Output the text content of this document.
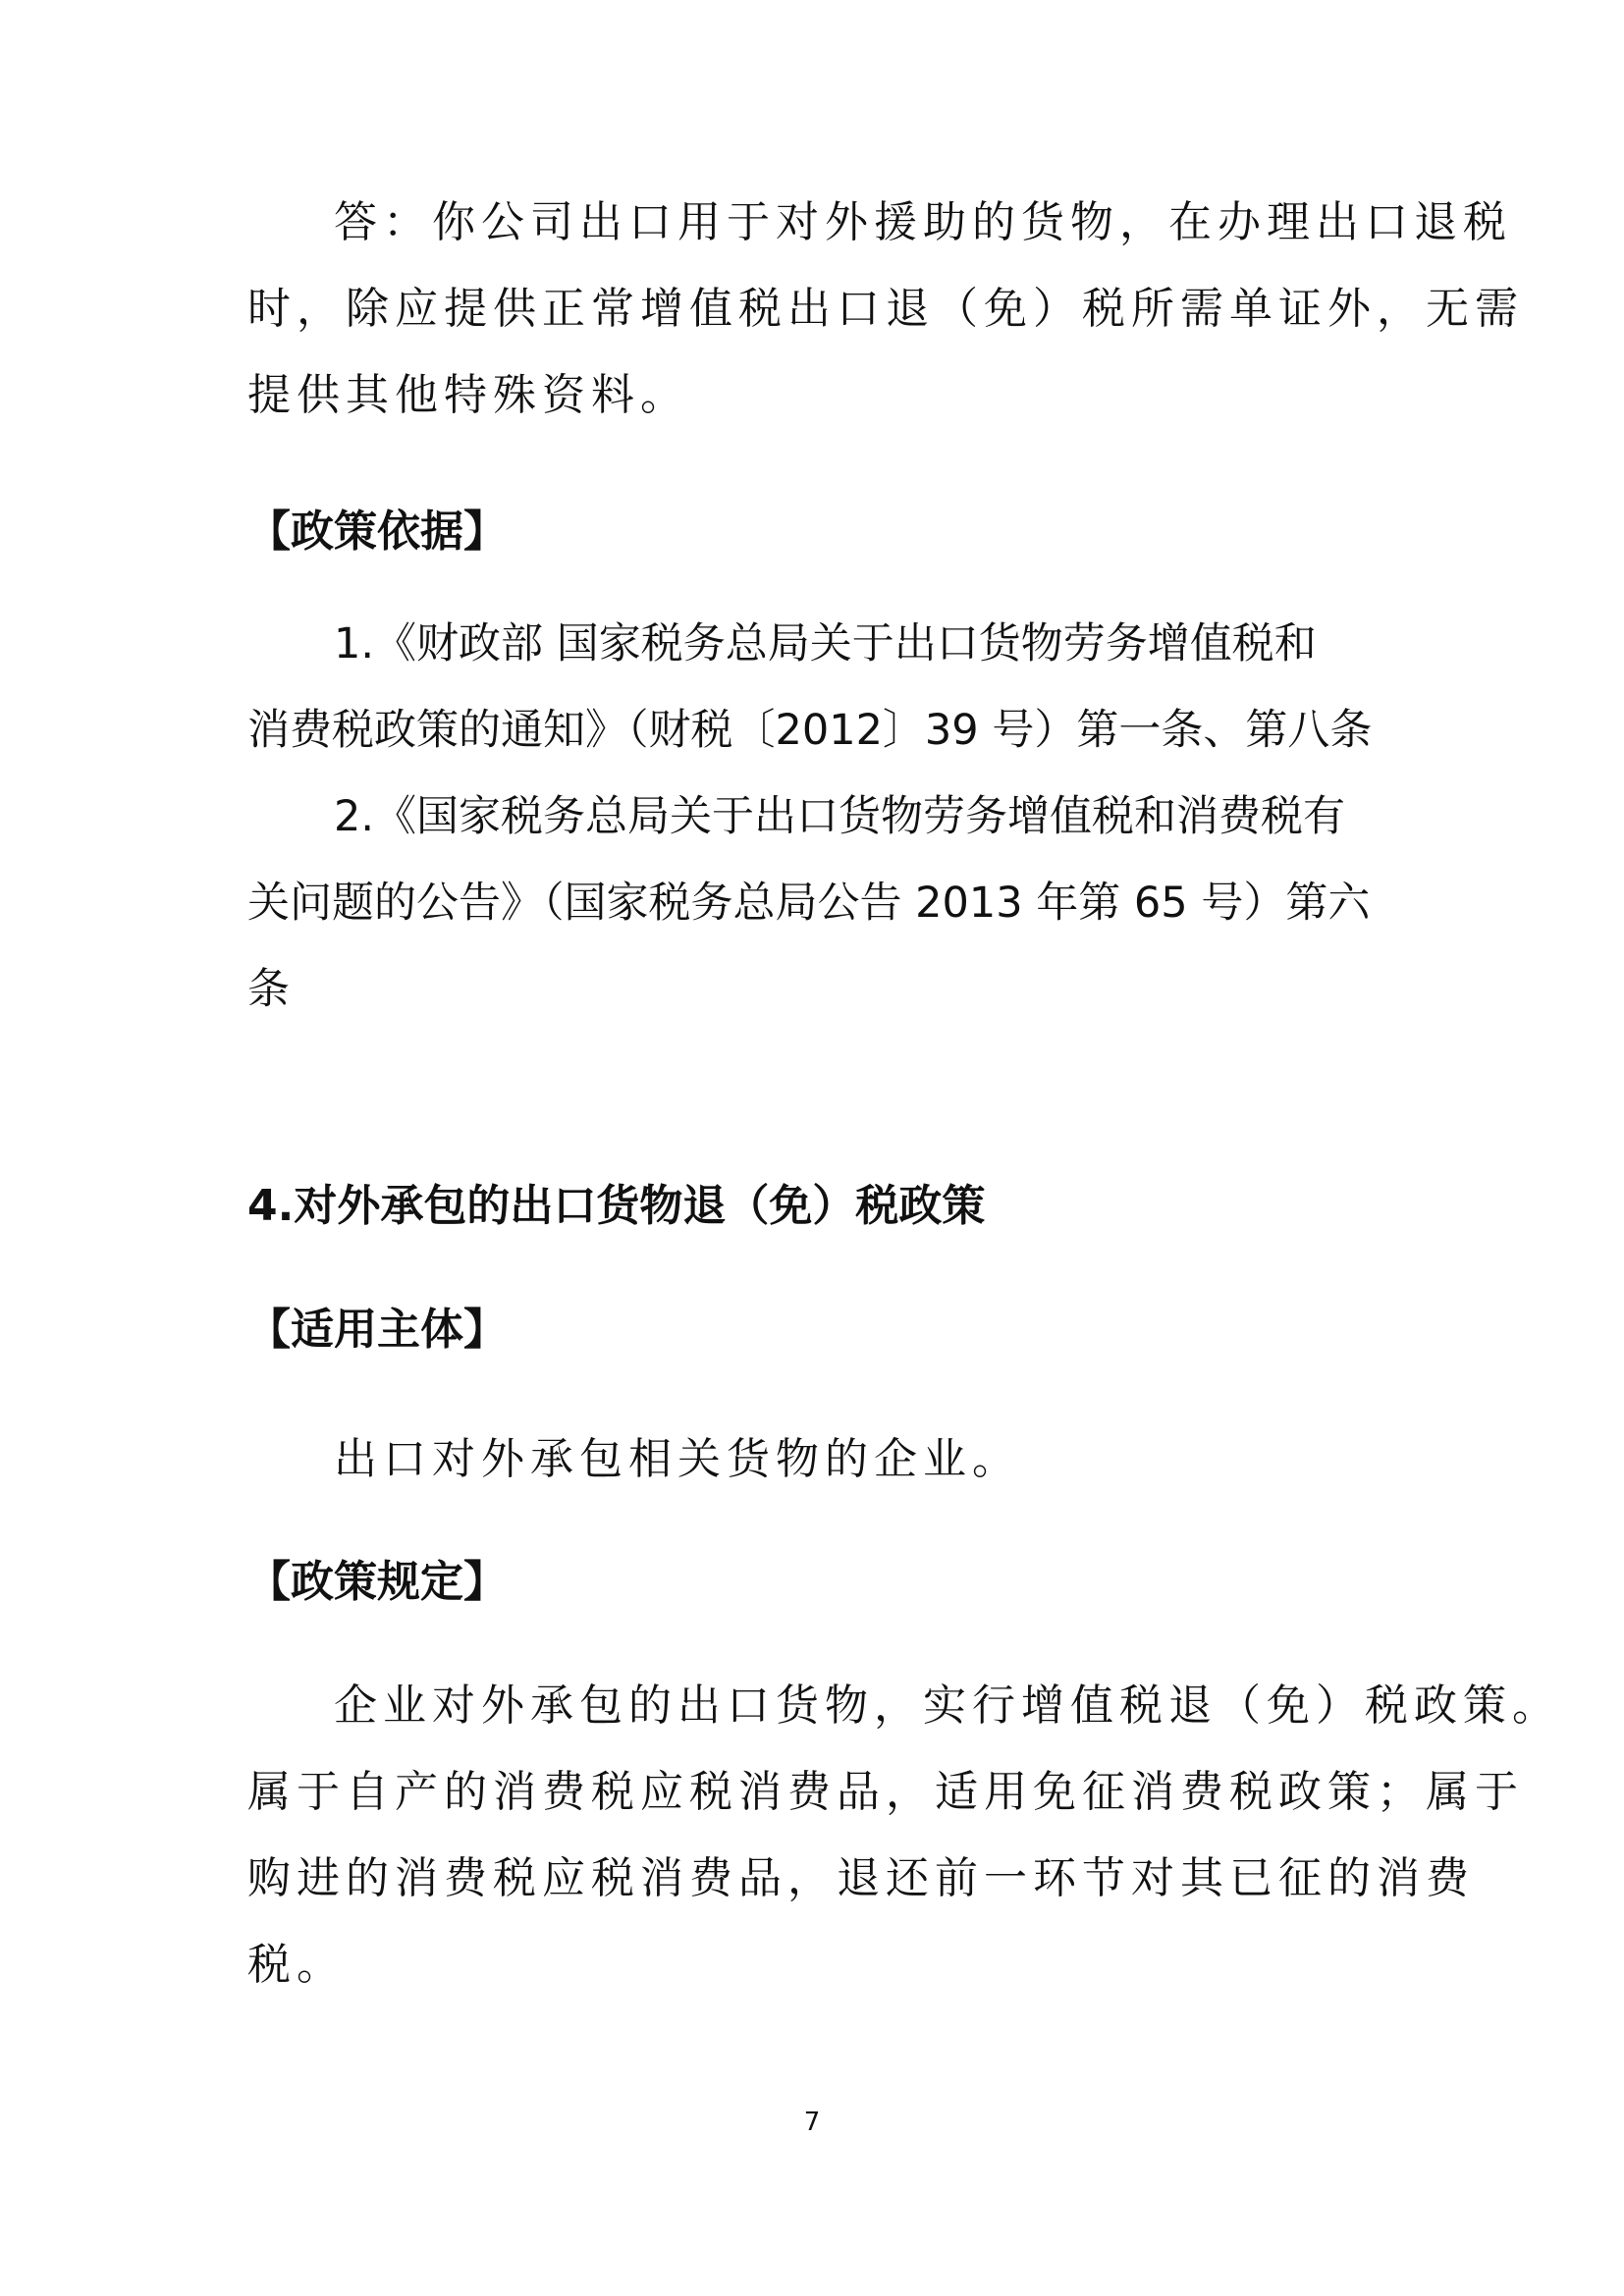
答：你公司出口用于对外援助的货物，在办理出口退税
时，除应提供正常增值税出口退（免）税所需单证外，无需
提供其他特殊资料。
【政策依据】
1.《财政部 国家税务总局关于出口货物劳务增值税和
消费税政策的通知》（财税〔2012〕39 号）第一条、第八条
2.《国家税务总局关于出口货物劳务增值税和消费税有
关问题的公告》（国家税务总局公告 2013 年第 65 号）第六
条
4.对外承包的出口货物退（免）税政策
【适用主体】
出口对外承包相关货物的企业。
【政策规定】
企业对外承包的出口货物，实行增值税退（免）税政策。
属于自产的消费税应税消费品，适用免征消费税政策；属于
购进的消费税应税消费品，退还前一环节对其已征的消费
税。
7
